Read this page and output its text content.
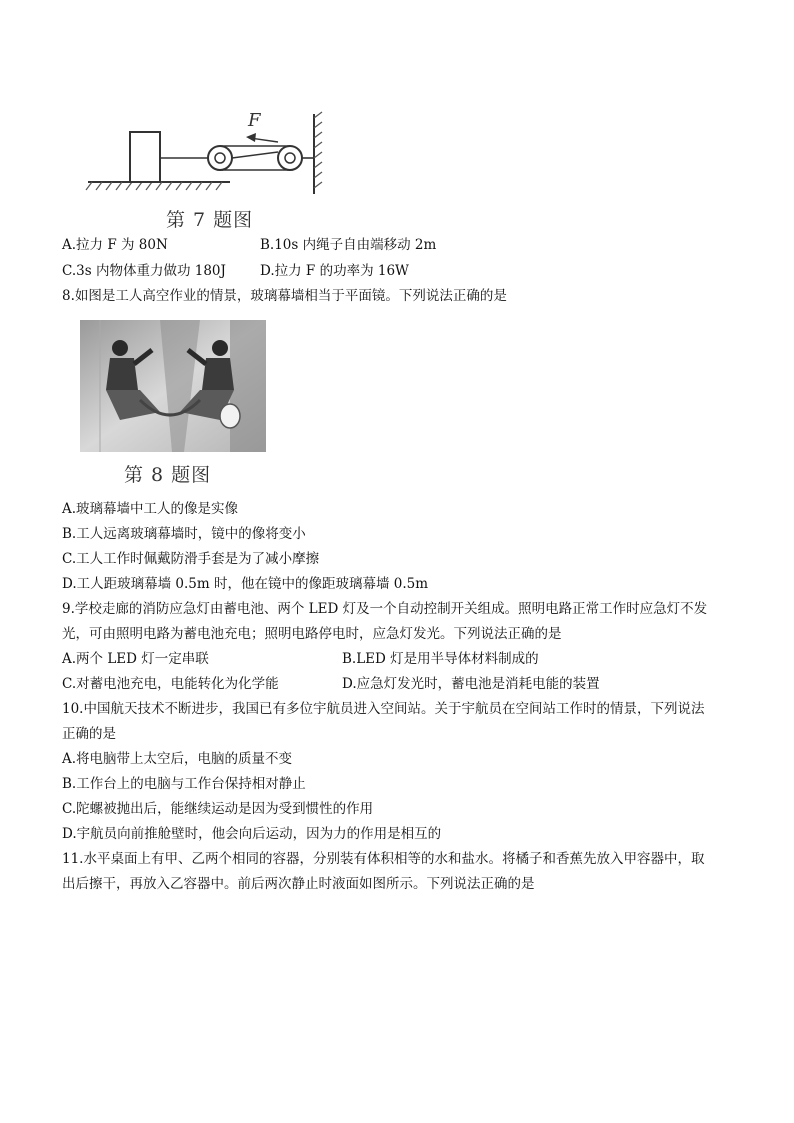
F
第 7 题图
A.拉力 F 为 80N	B.10s 内绳子自由端移动 2m
C.3s 内物体重力做功 180J	D.拉力 F 的功率为 16W
8.如图是工人高空作业的情景，玻璃幕墙相当于平面镜。下列说法正确的是
第 8 题图
A.玻璃幕墙中工人的像是实像
B.工人远离玻璃幕墙时，镜中的像将变小
C.工人工作时佩戴防滑手套是为了减小摩擦
D.工人距玻璃幕墙 0.5m 时，他在镜中的像距玻璃幕墙 0.5m
9.学校走廊的消防应急灯由蓄电池、两个 LED 灯及一个自动控制开关组成。照明电路正常工作时应急灯不发
光，可由照明电路为蓄电池充电；照明电路停电时，应急灯发光。下列说法正确的是
A.两个 LED 灯一定串联	B.LED 灯是用半导体材料制成的
C.对蓄电池充电，电能转化为化学能	D.应急灯发光时，蓄电池是消耗电能的装置
10.中国航天技术不断进步，我国已有多位宇航员进入空间站。关于宇航员在空间站工作时的情景，下列说法
正确的是
A.将电脑带上太空后，电脑的质量不变
B.工作台上的电脑与工作台保持相对静止
C.陀螺被抛出后，能继续运动是因为受到惯性的作用
D.宇航员向前推舱壁时，他会向后运动，因为力的作用是相互的
11.水平桌面上有甲、乙两个相同的容器，分别装有体积相等的水和盐水。将橘子和香蕉先放入甲容器中，取
出后擦干，再放入乙容器中。前后两次静止时液面如图所示。下列说法正确的是
